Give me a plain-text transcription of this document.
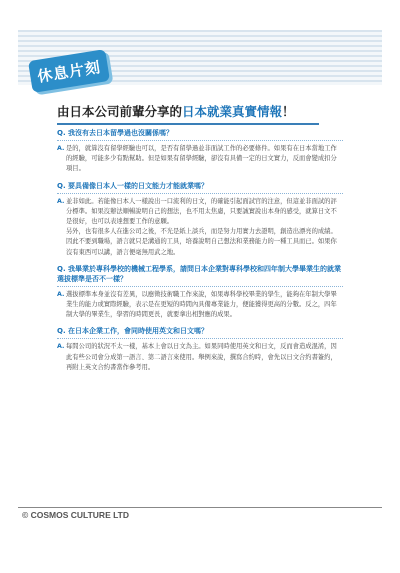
休息片刻
由日本公司前輩分享的日本就業真實情報！
Q. 我沒有去日本留學過也沒關係嗎？
A. 是的，就算沒有留學經驗也可以，是否有留學過並非面試工作的必要條件。如果有在日本當地工作的經驗，可能多少有點幫助。但是如果有留學經驗，卻沒有具備一定的日文實力，反而會變成扣分項目。

Q. 要具備像日本人一樣的日文能力才能就業嗎？
A. 並非如此。若能像日本人一樣說出一口流利的日文，的確能引起面試官的注意，但這並非面試的評分標準。如果沒辦法順暢說明自己的想法，也不用太焦慮，只要誠實說出本身的感受，就算日文不是很好，也可以表達想要工作的意願。

另外，也有很多人在進公司之後，不光是紙上談兵，而是努力用實力去證明，創造出漂亮的成績。因此不要到職場，語言就只是溝通的工具，培養說明自己想法和業務能力的一種工具而已。如果你沒有東西可以講，語言便毫無用武之地。

Q. 我畢業於專科學校的機械工程學系，請問日本企業對專科學校和四年制大學畢業生的就業選拔標準是否不一樣？
A. 選拔標準本身並沒有差異，以應徵技術職工作來說，如果專科學校畢業的學生，能夠在年制大學畢業生的能力或實際經驗，表示是在更短的時間內具備專業能力，便能獲得更高的分數。反之，四年制大學的畢業生，學習的時間更長，就要拿出相對應的成果。

Q. 在日本企業工作，會同時使用英文和日文嗎？
A. 每間公司的狀況不太一樣，基本上會以日文為主。如果同時使用英文和日文，反而會造成混淆，因此有些公司會分成第一語言、第二語言來使用。舉例來說，撰寫合約時，會先以日文合約書簽約，再附上英文合約書當作參考用。

© COSMOS CULTURE LTD
